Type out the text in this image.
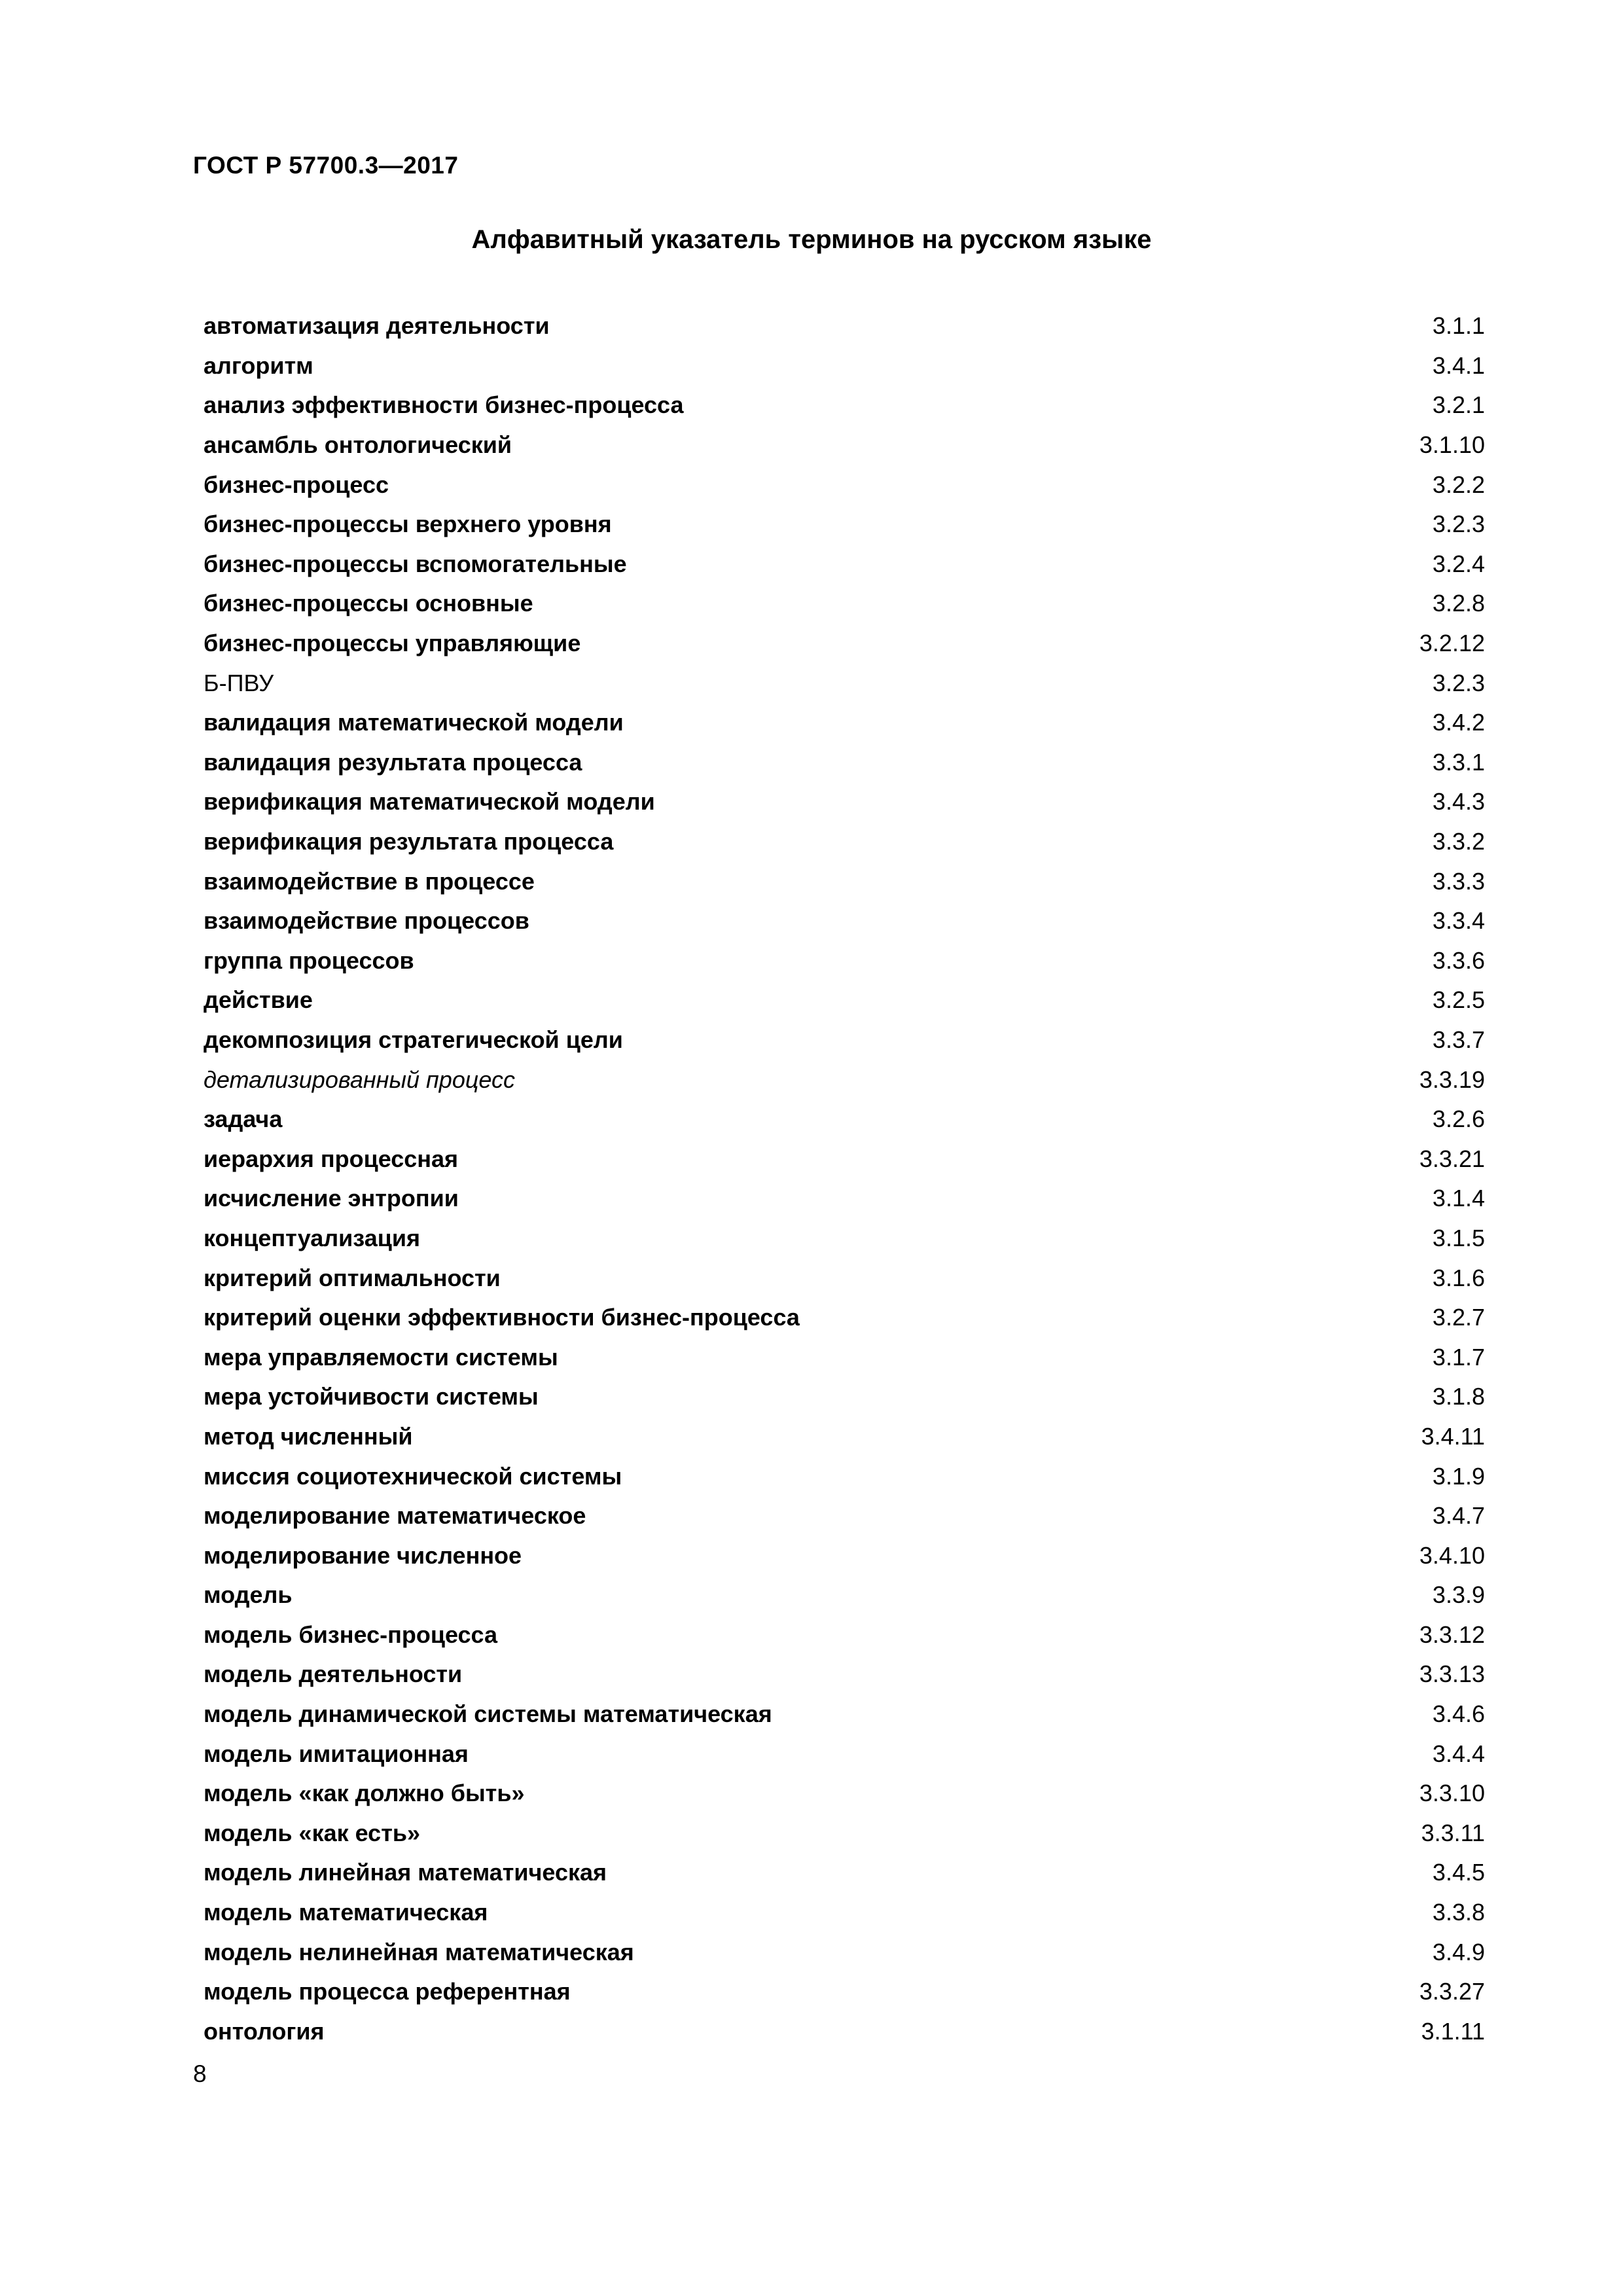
ГОСТ Р 57700.3—2017
Алфавитный указатель терминов на русском языке
автоматизация деятельности	3.1.1
алгоритм	3.4.1
анализ эффективности бизнес-процесса	3.2.1
ансамбль онтологический	3.1.10
бизнес-процесс	3.2.2
бизнес-процессы верхнего уровня	3.2.3
бизнес-процессы вспомогательные	3.2.4
бизнес-процессы основные	3.2.8
бизнес-процессы управляющие	3.2.12
Б-ПВУ	3.2.3
валидация математической модели	3.4.2
валидация результата процесса	3.3.1
верификация математической модели	3.4.3
верификация результата процесса	3.3.2
взаимодействие в процессе	3.3.3
взаимодействие процессов	3.3.4
группа процессов	3.3.6
действие	3.2.5
декомпозиция стратегической цели	3.3.7
детализированный процесс	3.3.19
задача	3.2.6
иерархия процессная	3.3.21
исчисление энтропии	3.1.4
концептуализация	3.1.5
критерий оптимальности	3.1.6
критерий оценки эффективности бизнес-процесса	3.2.7
мера управляемости системы	3.1.7
мера устойчивости системы	3.1.8
метод численный	3.4.11
миссия социотехнической системы	3.1.9
моделирование математическое	3.4.7
моделирование численное	3.4.10
модель	3.3.9
модель бизнес-процесса	3.3.12
модель деятельности	3.3.13
модель динамической системы математическая	3.4.6
модель имитационная	3.4.4
модель «как должно быть»	3.3.10
модель «как есть»	3.3.11
модель линейная математическая	3.4.5
модель математическая	3.3.8
модель нелинейная математическая	3.4.9
модель процесса референтная	3.3.27
онтология	3.1.11
8
